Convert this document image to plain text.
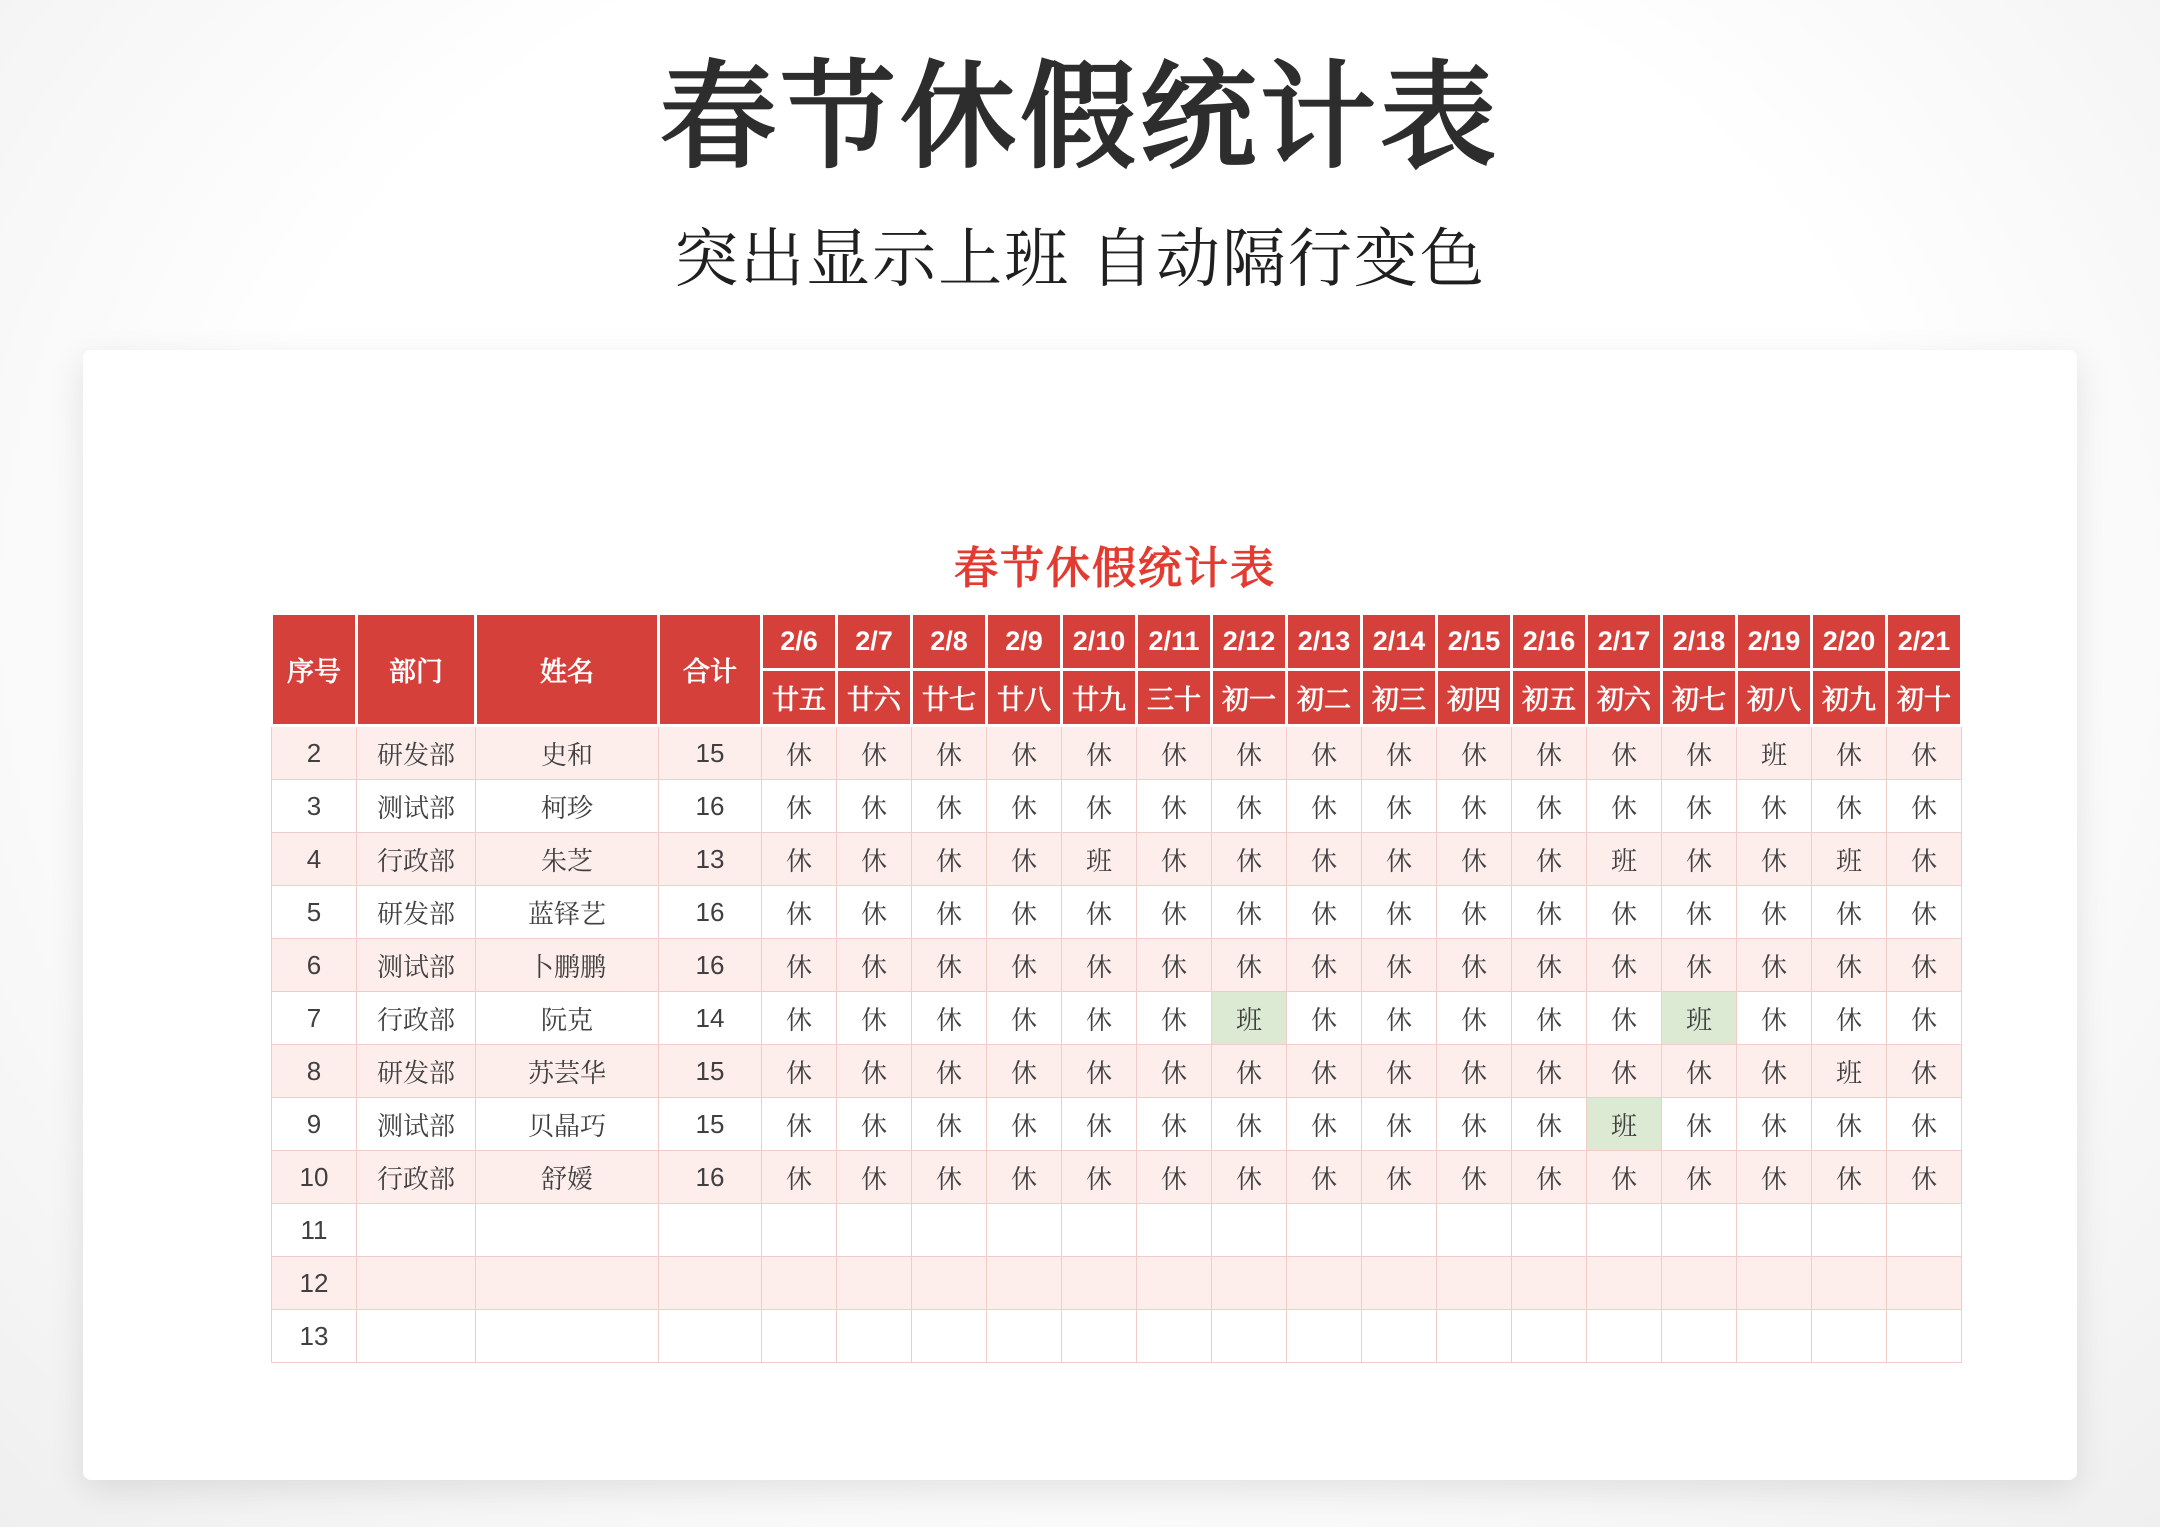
春节休假统计表
突出显示上班 自动隔行变色
春节休假统计表
序号	部门	姓名	合计	2/6	2/7	2/8	2/9	2/10	2/11	2/12	2/13	2/14	2/15	2/16	2/17	2/18	2/19	2/20	2/21
				廿五	廿六	廿七	廿八	廿九	三十	初一	初二	初三	初四	初五	初六	初七	初八	初九	初十
2	研发部	史和	15	休	休	休	休	休	休	休	休	休	休	休	休	休	班	休	休
3	测试部	柯珍	16	休	休	休	休	休	休	休	休	休	休	休	休	休	休	休	休
4	行政部	朱芝	13	休	休	休	休	班	休	休	休	休	休	休	班	休	休	班	休
5	研发部	蓝铎艺	16	休	休	休	休	休	休	休	休	休	休	休	休	休	休	休	休
6	测试部	卜鹏鹏	16	休	休	休	休	休	休	休	休	休	休	休	休	休	休	休	休
7	行政部	阮克	14	休	休	休	休	休	休	班	休	休	休	休	休	班	休	休	休
8	研发部	苏芸华	15	休	休	休	休	休	休	休	休	休	休	休	休	休	休	班	休
9	测试部	贝晶巧	15	休	休	休	休	休	休	休	休	休	休	休	班	休	休	休	休
10	行政部	舒嫒	16	休	休	休	休	休	休	休	休	休	休	休	休	休	休	休	休
11																			
12																			
13																			
